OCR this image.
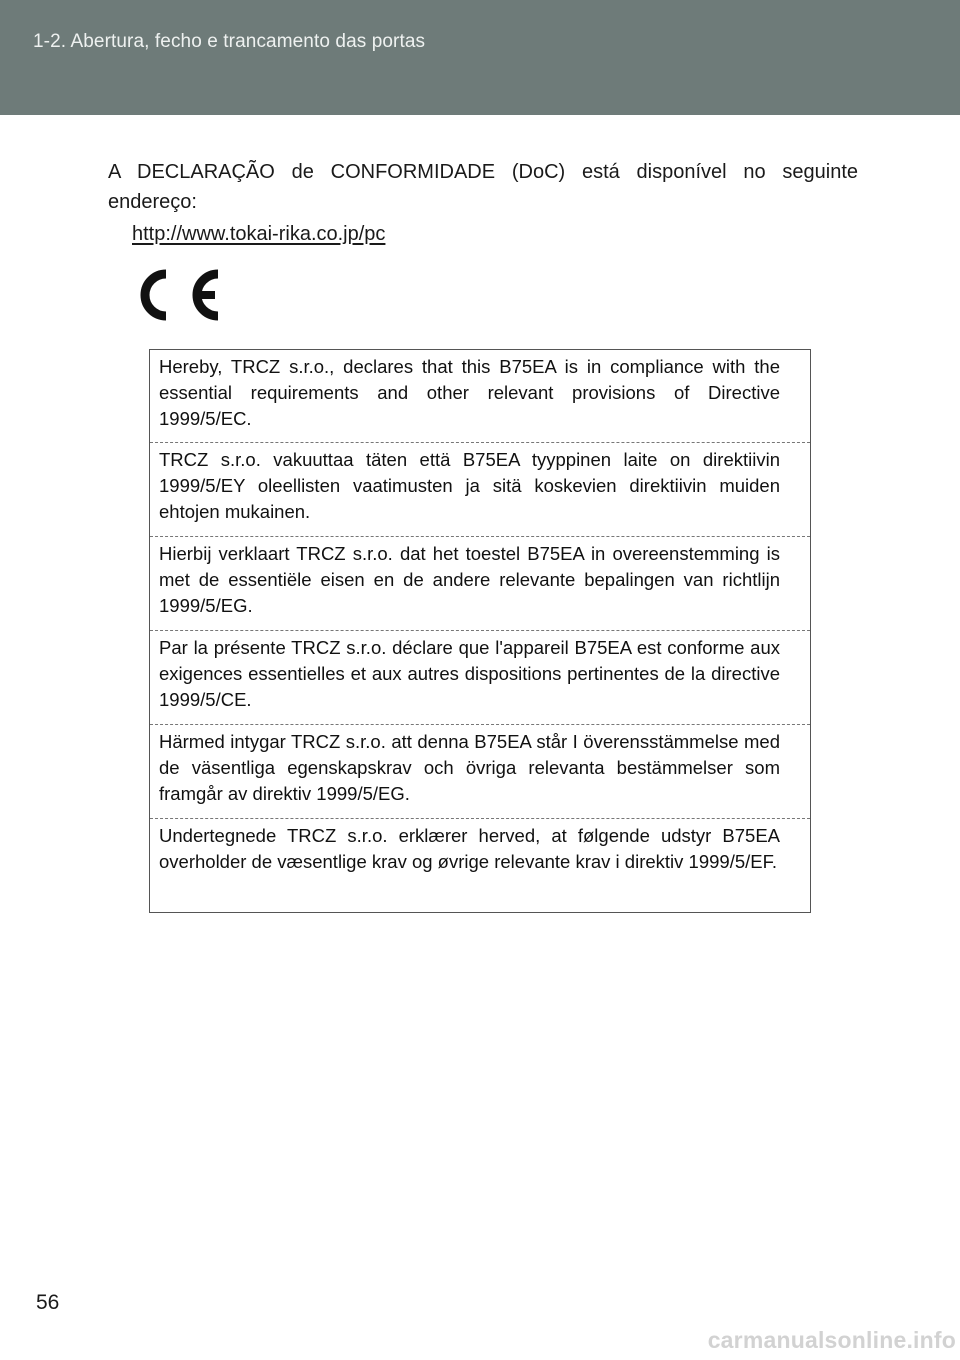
1-2. Abertura, fecho e trancamento das portas
A DECLARAÇÃO de CONFORMIDADE (DoC) está disponível no seguinte endereço:
http://www.tokai-rika.co.jp/pc
Hereby, TRCZ s.r.o., declares that this B75EA is in compliance with the essential requirements and other relevant provisions of Directive 1999/5/EC.
TRCZ s.r.o. vakuuttaa täten että B75EA tyyppinen laite on direktiivin 1999/5/EY oleellisten vaatimusten ja sitä koskevien direktiivin muiden ehtojen mukainen.
Hierbij verklaart TRCZ s.r.o. dat het toestel B75EA in overeenstemming is met de essentiële eisen en de andere relevante bepalingen van richtlijn 1999/5/EG.
Par la présente TRCZ s.r.o. déclare que l'appareil B75EA est conforme aux exigences essentielles et aux autres dispositions pertinentes de la directive 1999/5/CE.
Härmed intygar TRCZ s.r.o. att denna B75EA står I överensstämmelse med de väsentliga egenskapskrav och övriga relevanta bestämmelser som framgår av direktiv 1999/5/EG.
Undertegnede TRCZ s.r.o. erklærer herved, at følgende udstyr B75EA overholder de væsentlige krav og øvrige relevante krav i direktiv 1999/5/EF.
56
carmanualsonline.info
